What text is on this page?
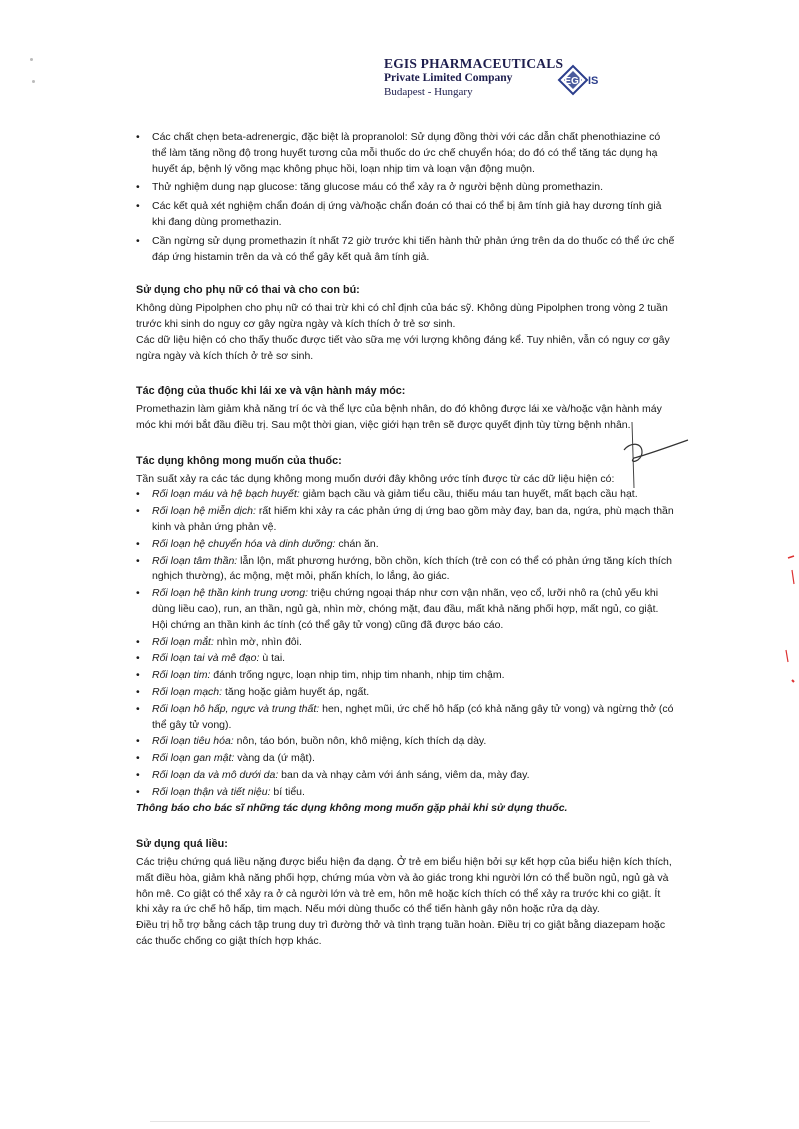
EGIS PHARMACEUTICALS
Private Limited Company
Budapest - Hungary
EGI IS
• Các chất chẹn beta-adrenergic, đặc biệt là propranolol: Sử dụng đồng thời với các dẫn chất phenothiazine có thể làm tăng nồng độ trong huyết tương của mỗi thuốc do ức chế chuyển hóa; do đó có thể tăng tác dụng hạ huyết áp, bệnh lý võng mạc không phục hồi, loạn nhịp tim và loạn vận động muộn.
• Thử nghiệm dung nạp glucose: tăng glucose máu có thể xảy ra ở người bệnh dùng promethazin.
• Các kết quả xét nghiệm chẩn đoán dị ứng và/hoặc chẩn đoán có thai có thể bị âm tính giả hay dương tính giả khi đang dùng promethazin.
• Cần ngừng sử dụng promethazin ít nhất 72 giờ trước khi tiến hành thử phản ứng trên da do thuốc có thể ức chế đáp ứng histamin trên da và có thể gây kết quả âm tính giả.
Sử dụng cho phụ nữ có thai và cho con bú:

Không dùng Pipolphen cho phụ nữ có thai trừ khi có chỉ định của bác sỹ. Không dùng Pipolphen trong vòng 2 tuần trước khi sinh do nguy cơ gây ngừa ngày và kích thích ở trẻ sơ sinh.

Các dữ liệu hiện có cho thấy thuốc được tiết vào sữa mẹ với lượng không đáng kể. Tuy nhiên, vẫn có nguy cơ gây ngừa ngày và kích thích ở trẻ sơ sinh.

Tác động của thuốc khi lái xe và vận hành máy móc:

Promethazin làm giảm khả năng trí óc và thể lực của bệnh nhân, do đó không được lái xe và/hoặc vận hành máy móc khi mới bắt đầu điều trị. Sau một thời gian, việc giới hạn trên sẽ được quyết định tùy từng bệnh nhân.

Tác dụng không mong muốn của thuốc:

Tần suất xảy ra các tác dụng không mong muốn dưới đây không ước tính được từ các dữ liệu hiện có:

• Rối loạn máu và hệ bạch huyết: giảm bạch cầu và giảm tiểu cầu, thiếu máu tan huyết, mất bạch cầu hạt.
• Rối loạn hệ miễn dịch: rất hiếm khi xảy ra các phản ứng dị ứng bao gồm mày đay, ban da, ngứa, phù mạch thần kinh và phản ứng phản vệ.
• Rối loạn hệ chuyển hóa và dinh dưỡng: chán ăn.
• Rối loạn tâm thần: lẫn lộn, mất phương hướng, bồn chồn, kích thích (trẻ con có thể có phản ứng tăng kích thích nghịch thường), ác mộng, mệt mỏi, phấn khích, lo lắng, ảo giác.
• Rối loạn hệ thần kinh trung ương: triệu chứng ngoại tháp như cơn vận nhãn, vẹo cổ, lưỡi nhô ra (chủ yếu khi dùng liều cao), run, an thần, ngủ gà, nhìn mờ, chóng mặt, đau đầu, mất khả năng phối hợp, mất ngủ, co giật. Hội chứng an thần kinh ác tính (có thể gây tử vong) cũng đã được báo cáo.
• Rối loạn mắt: nhìn mờ, nhìn đôi.
• Rối loạn tai và mê đạo: ù tai.
• Rối loạn tim: đánh trống ngực, loạn nhịp tim, nhịp tim nhanh, nhịp tim chậm.
• Rối loạn mạch: tăng hoặc giảm huyết áp, ngất.
• Rối loạn hô hấp, ngực và trung thất: hen, nghẹt mũi, ức chế hô hấp (có khả năng gây tử vong) và ngừng thở (có thể gây tử vong).
• Rối loạn tiêu hóa: nôn, táo bón, buồn nôn, khô miệng, kích thích dạ dày.
• Rối loạn gan mật: vàng da (ứ mật).
• Rối loạn da và mô dưới da: ban da và nhạy cảm với ánh sáng, viêm da, mày đay.
• Rối loạn thận và tiết niệu: bí tiểu.

Thông báo cho bác sĩ những tác dụng không mong muốn gặp phải khi sử dụng thuốc.

Sử dụng quá liều:

Các triệu chứng quá liều nặng được biểu hiện đa dạng. Ở trẻ em biểu hiện bởi sự kết hợp của biểu hiện kích thích, mất điều hòa, giảm khả năng phối hợp, chứng múa vờn và ảo giác trong khi người lớn có thể buồn ngủ, ngủ gà và hôn mê. Co giật có thể xảy ra ở cả người lớn và trẻ em, hôn mê hoặc kích thích có thể xảy ra trước khi co giật. Ít khi xảy ra ức chế hô hấp, tim mạch. Nếu mới dùng thuốc có thể tiến hành gây nôn hoặc rửa dạ dày.

Điều trị hỗ trợ bằng cách tập trung duy trì đường thở và tình trạng tuần hoàn. Điều trị co giật bằng diazepam hoặc các thuốc chống co giật thích hợp khác.
